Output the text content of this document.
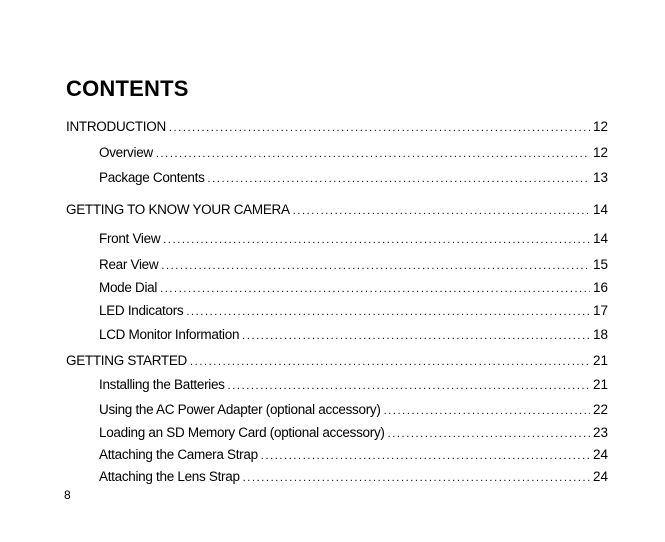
CONTENTS
INTRODUCTION .....	12
Overview .....	12
Package Contents .....	13
GETTING TO KNOW YOUR CAMERA .....	14
Front View .....	14
Rear View .....	15
Mode Dial .....	16
LED Indicators .....	17
LCD Monitor Information .....	18
GETTING STARTED .....	21
Installing the Batteries .....	21
Using the AC Power Adapter (optional accessory) .....	22
Loading an SD Memory Card (optional accessory) .....	23
Attaching the Camera Strap .....	24
Attaching the Lens Strap .....	24
8
